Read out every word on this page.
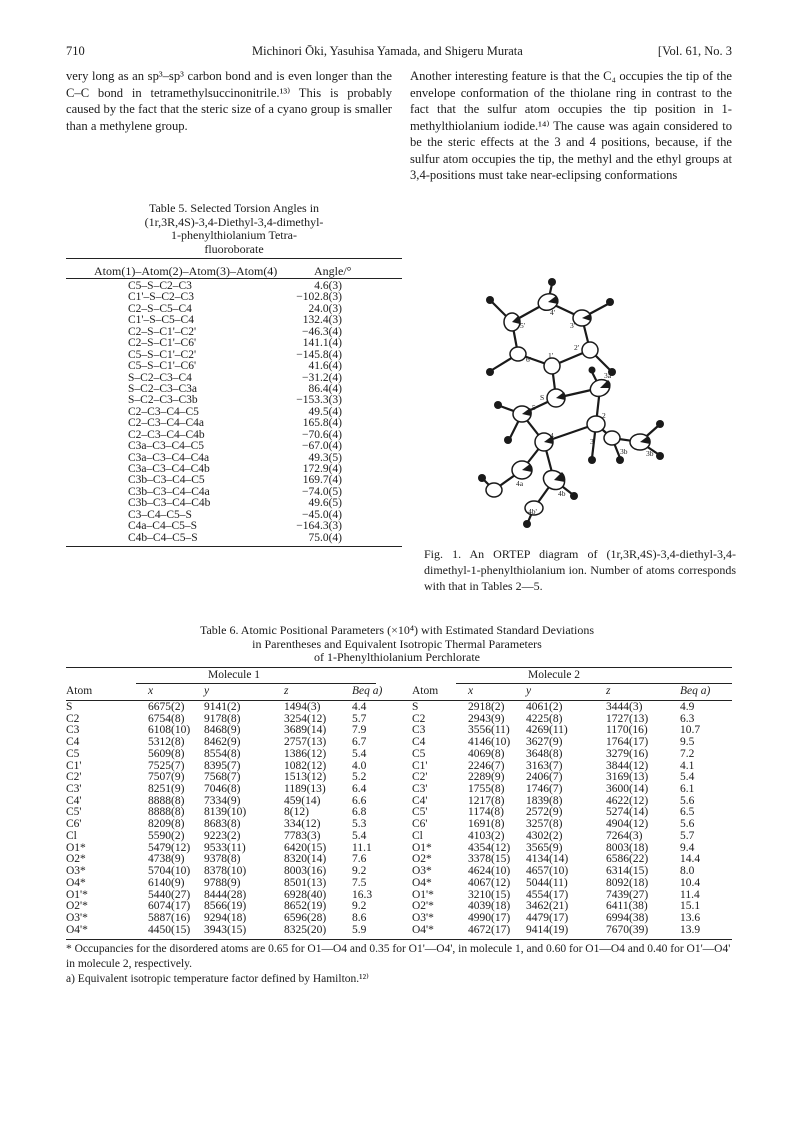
710	Michinori Ōki, Yasuhisa Yamada, and Shigeru Murata	[Vol. 61, No. 3
very long as an sp³–sp³ carbon bond and is even longer than the C–C bond in tetramethylsuccinonitrile.¹³⁾ This is probably caused by the fact that the steric size of a cyano group is smaller than a methylene group.
Another interesting feature is that the C₄ occupies the tip of the envelope conformation of the thiolane ring in contrast to the fact that the sulfur atom occupies the tip position in 1-methylthiolanium iodide.¹⁴⁾ The cause was again considered to be the steric effects at the 3 and 4 positions, because, if the sulfur atom occupies the tip, the methyl and the ethyl groups at 3,4-positions must take near-eclipsing conformations
Table 5. Selected Torsion Angles in
(1r,3R,4S)-3,4-Diethyl-3,4-dimethyl-
1-phenylthiolanium Tetra-
fluoroborate
Atom(1)–Atom(2)–Atom(3)–Atom(4)	Angle/°
C5–S–C2–C3	4.6(3)
C1'–S–C2–C3	−102.8(3)
C2–S–C5–C4	24.0(3)
C1'–S–C5–C4	132.4(3)
C2–S–C1'–C2'	−46.3(4)
C2–S–C1'–C6'	141.1(4)
C5–S–C1'–C2'	−145.8(4)
C5–S–C1'–C6'	41.6(4)
S–C2–C3–C4	−31.2(4)
S–C2–C3–C3a	86.4(4)
S–C2–C3–C3b	−153.3(3)
C2–C3–C4–C5	49.5(4)
C2–C3–C4–C4a	165.8(4)
C2–C3–C4–C4b	−70.6(4)
C3a–C3–C4–C5	−67.0(4)
C3a–C3–C4–C4a	49.3(5)
C3a–C3–C4–C4b	172.9(4)
C3b–C3–C4–C5	169.7(4)
C3b–C3–C4–C4a	−74.0(5)
C3b–C3–C4–C4b	49.6(5)
C3–C4–C5–S	−45.0(4)
C4a–C4–C5–S	−164.3(3)
C4b–C4–C5–S	75.0(4)
4'
5'	3'
1'
2'
6'
S
3a
5
2
4
3
3b 3b'
4a
4b
4b'
Fig. 1. An ORTEP diagram of (1r,3R,4S)-3,4-diethyl-3,4-dimethyl-1-phenylthiolanium ion. Number of atoms corresponds with that in Tables 2—5.
Table 6. Atomic Positional Parameters (×10⁴) with Estimated Standard Deviations
in Parentheses and Equivalent Isotropic Thermal Parameters
of 1-Phenylthiolanium Perchlorate
Molecule 1	Molecule 2
Atom	x	y	z	Beq a)	Atom	x	y	z	Beq a)
S	6675(2) 9141(2)	1494(3)	4.4	S	2918(2) 4061(2)	3444(3)	4.9
C2	6754(8) 9178(8)	3254(12) 5.7	C2	2943(9) 4225(8)	1727(13)	6.3
C3	6108(10) 8468(9)	3689(14) 7.9	C3	3556(11) 4269(11)	1170(16)	10.7
C4	5312(8) 8462(9)	2757(13) 6.7	C4	4146(10) 3627(9)	1764(17)	9.5
C5	5609(8) 8554(8)	1386(12) 5.4	C5	4069(8) 3648(8)	3279(16)	7.2
C1'	7525(7) 8395(7)	1082(12) 4.0	C1'	2246(7) 3163(7)	3844(12)	4.1
C2'	7507(9) 7568(7)	1513(12) 5.2	C2'	2289(9) 2406(7)	3169(13)	5.4
C3'	8251(9) 7046(8)	1189(13) 6.4	C3'	1755(8) 1746(7)	3600(14)	6.1
C4'	8888(8) 7334(9)	459(14)	6.6	C4'	1217(8) 1839(8)	4622(12)	5.6
C5'	8888(8) 8139(10)	8(12)	6.8	C5'	1174(8) 2572(9)	5274(14)	6.5
C6'	8209(8) 8683(8)	334(12)	5.3	C6'	1691(8) 3257(8)	4904(12)	5.6
Cl	5590(2) 9223(2)	7783(3)	5.4	Cl	4103(2) 4302(2)	7264(3)	5.7
O1*	5479(12) 9533(11)	6420(15) 11.1	O1*	4354(12) 3565(9)	8003(18)	9.4
O2*	4738(9) 9378(8)	8320(14) 7.6	O2*	3378(15) 4134(14)	6586(22)	14.4
O3*	5704(10) 8378(10)	8003(16) 9.2	O3*	4624(10) 4657(10)	6314(15)	8.0
O4*	6140(9) 9788(9)	8501(13) 7.5	O4*	4067(12) 5044(11)	8092(18)	10.4
O1'*	5440(27) 8444(28)	6928(40) 16.3	O1'*	3210(15) 4554(17)	7439(27)	11.4
O2'*	6074(17) 8566(19)	8652(19) 9.2	O2'*	4039(18) 3462(21)	6411(38)	15.1
O3'*	5887(16) 9294(18)	6596(28) 8.6	O3'*	4990(17) 4479(17)	6994(38)	13.6
O4'*	4450(15) 3943(15)	8325(20) 5.9	O4'*	4672(17) 9414(19)	7670(39)	13.9
* Occupancies for the disordered atoms are 0.65 for O1—O4 and 0.35 for O1'—O4', in molecule 1, and 0.60 for O1—O4 and 0.40 for O1'—O4' in molecule 2, respectively.
a) Equivalent isotropic temperature factor defined by Hamilton.¹²⁾
